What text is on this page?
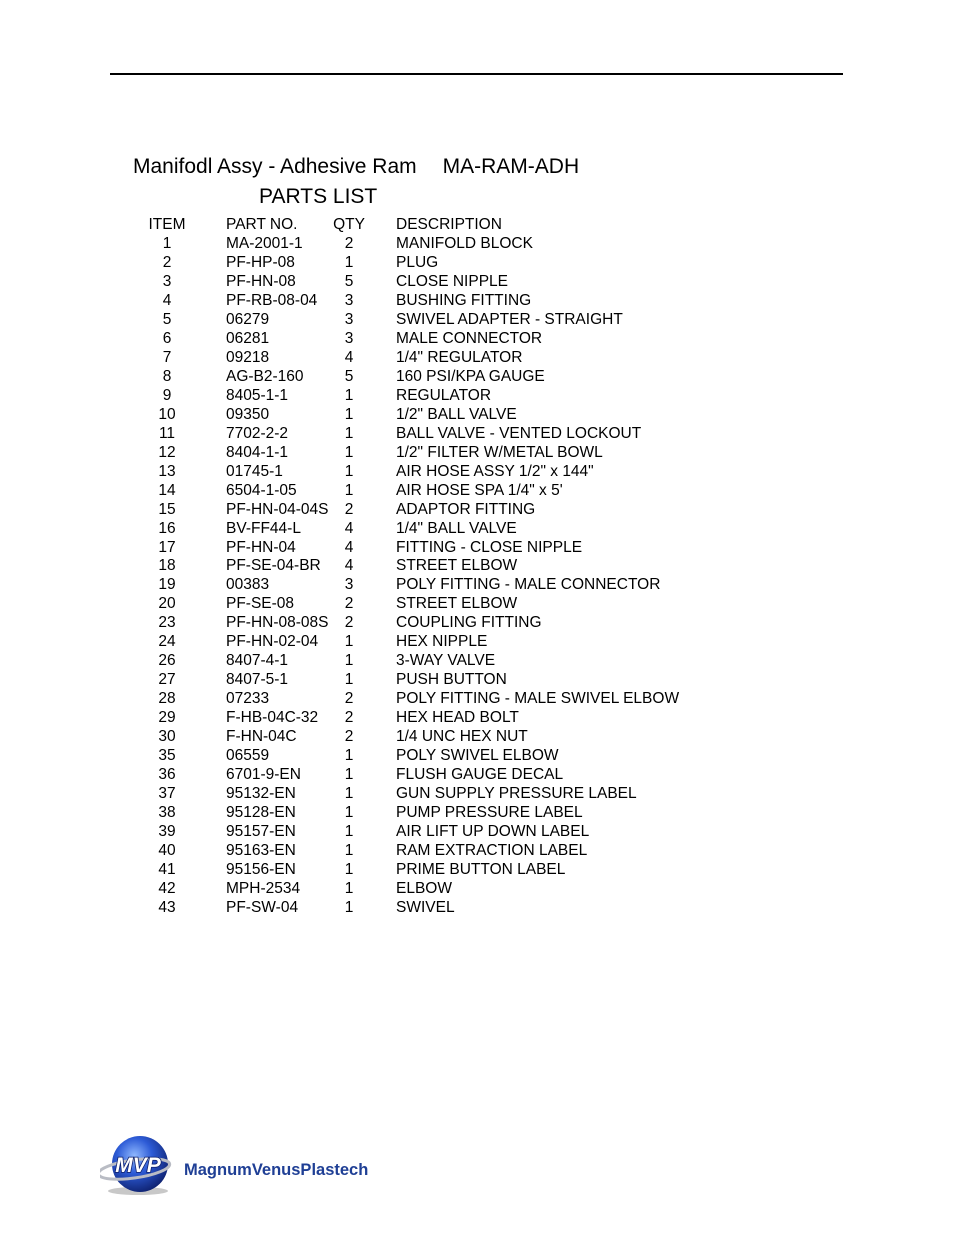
Manifodl Assy - Adhesive Ram MA-RAM-ADH
PARTS LIST
ITEM	PART NO. QTY DESCRIPTION
1	MA-2001-1	2	MANIFOLD BLOCK
2	PF-HP-08	1	PLUG
3	PF-HN-08	5	CLOSE NIPPLE
4	PF-RB-08-04	3	BUSHING FITTING
5	06279	3	SWIVEL ADAPTER - STRAIGHT
6	06281	3	MALE CONNECTOR
7	09218	4	1/4" REGULATOR
8	AG-B2-160	5	160 PSI/KPA GAUGE
9	8405-1-1	1	REGULATOR
10	09350	1	1/2" BALL VALVE
11	7702-2-2	1	BALL VALVE - VENTED LOCKOUT
12	8404-1-1	1	1/2" FILTER W/METAL BOWL
13	01745-1	1	AIR HOSE ASSY 1/2" x 144"
14	6504-1-05	1	AIR HOSE SPA 1/4" x 5'
15	PF-HN-04-04S	2	ADAPTOR FITTING
16	BV-FF44-L	4	1/4" BALL VALVE
17	PF-HN-04	4	FITTING - CLOSE NIPPLE
18	PF-SE-04-BR	4	STREET ELBOW
19	00383	3	POLY FITTING - MALE CONNECTOR
20	PF-SE-08	2	STREET ELBOW
23	PF-HN-08-08S	2	COUPLING FITTING
24	PF-HN-02-04	1	HEX NIPPLE
26	8407-4-1	1	3-WAY VALVE
27	8407-5-1	1	PUSH BUTTON
28	07233	2	POLY FITTING - MALE SWIVEL ELBOW
29	F-HB-04C-32	2	HEX HEAD BOLT
30	F-HN-04C	2	1/4 UNC HEX NUT
35	06559	1	POLY SWIVEL ELBOW
36	6701-9-EN	1	FLUSH GAUGE DECAL
37	95132-EN	1	GUN SUPPLY PRESSURE LABEL
38	95128-EN	1	PUMP PRESSURE LABEL
39	95157-EN	1	AIR LIFT UP DOWN LABEL
40	95163-EN	1	RAM EXTRACTION LABEL
41	95156-EN	1	PRIME BUTTON LABEL
42	MPH-2534	1	ELBOW
43	PF-SW-04	1	SWIVEL
MVP MagnumVenusPlastech
